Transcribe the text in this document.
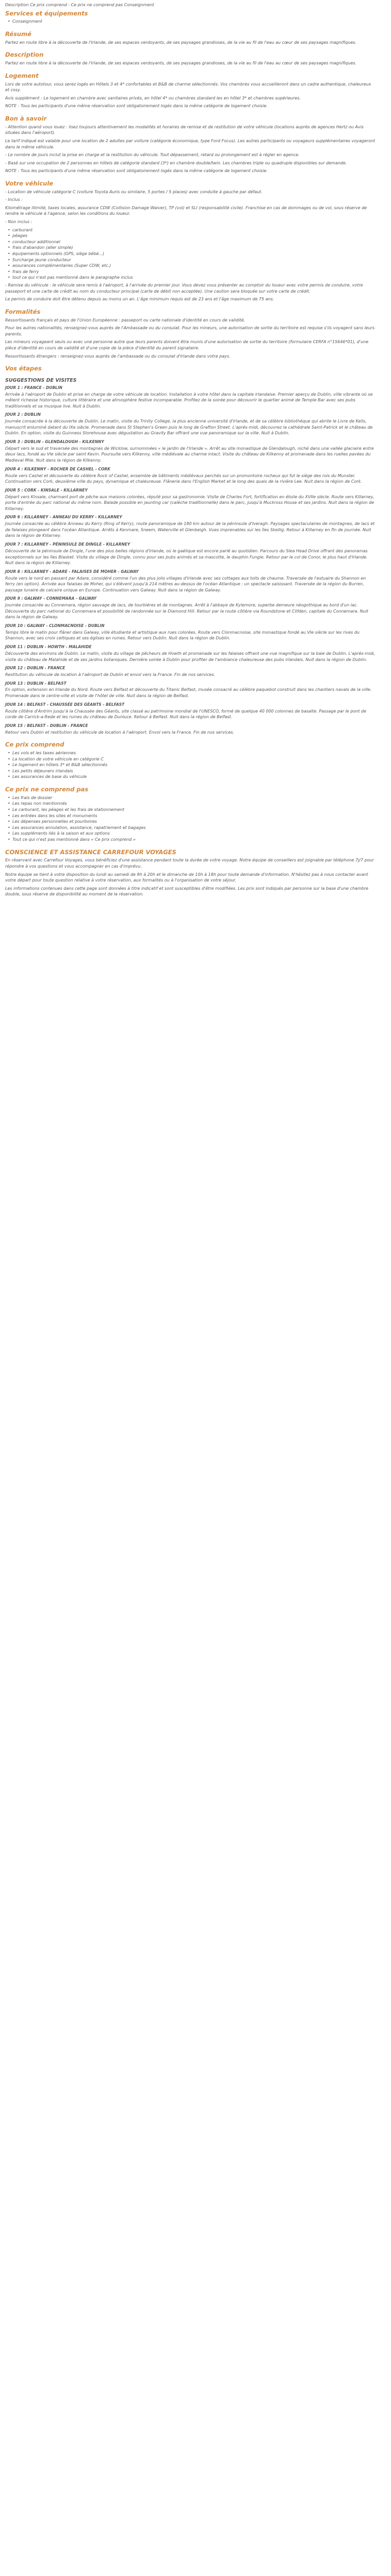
Description Ce prix comprend - Ce prix ne comprend pas Conseignment

Services et équipements
• Conseignment
Résumé

Partez en route libre à la découverte de l'Irlande, de ses espaces verdoyants, de ses paysages grandioses, de la vie au fil de l'eau au cœur de ses paysages magnifiques.

Description

Partez en route libre à la découverte de l'Irlande, de ses espaces verdoyants, de ses paysages grandioses, de la vie au fil de l'eau au cœur de ses paysages magnifiques.

Logement

Lors de votre autotour, vous serez logés en Hôtels 3 et 4* confortables et B&B de charme sélectionnés. Vos chambres vous accueilleront dans un cadre authentique, chaleureux et cosy.

Avis supplément : Le logement en chambre avec sanitaires privés, en hôtel 4* ou chambres standard les en hôtel 3* et chambres supérieures.

NOTE : Tous les participants d'une même réservation sont obligatoirement logés dans la même catégorie de logement choisie.

Bon à savoir

- Attention quand vous louez : lisez toujours attentivement les modalités et horaires de remise et de restitution de votre véhicule (locations auprès de agences Hertz ou Avis situées dans l'aéroport).

Le tarif indiqué est valable pour une location de 2 adultes par voiture (catégorie économique, type Ford Focus). Les autres participants ou voyageurs supplémentaires voyageront dans le même véhicule.

- Le nombre de jours inclut la prise en charge et la restitution du véhicule. Tout dépassement, retard ou prolongement est à régler en agence.

- Basé sur une occupation de 2 personnes en hôtels de catégorie standard (3*) en chambre double/twin. Les chambres triple ou quadruple disponibles sur demande.

NOTE : Tous les participants d'une même réservation sont obligatoirement logés dans la même catégorie de logement choisie.

Votre véhicule

- Location de véhicule catégorie C (voiture Toyota Auris ou similaire, 5 portes / 5 places) avec conduite à gauche par défaut.

- Inclus :

Kilométrage illimité, taxes locales, assurance CDW (Collision Damage Waiver), TP (vol) et SLI (responsabilité civile). Franchise en cas de dommages ou de vol, sous réserve de rendre le véhicule à l'agence, selon les conditions du loueur.

- Non inclus :

• carburant
• péages
• conducteur additionnel
• frais d'abandon (aller simple)
• équipements optionnels (GPS, siège bébé...)
• Surcharge jeune conducteur
• assurances complémentaires (Super CDW, etc.)
• frais de ferry
• tout ce qui n'est pas mentionné dans le paragraphe inclus

- Remise du véhicule : le véhicule sera remis à l'aéroport, à l'arrivée du premier jour. Vous devez vous présenter au comptoir du loueur avec votre permis de conduire, votre passeport et une carte de crédit au nom du conducteur principal (carte de débit non acceptée). Une caution sera bloquée sur votre carte de crédit.

Le permis de conduire doit être détenu depuis au moins un an. L'âge minimum requis est de 23 ans et l'âge maximum de 75 ans.

Formalités

Ressortissants français et pays de l'Union Européenne : passeport ou carte nationale d'identité en cours de validité.

Pour les autres nationalités, renseignez-vous auprès de l'Ambassade ou du consulat. Pour les mineurs, une autorisation de sortie du territoire est requise s'ils voyagent sans leurs parents.

Les mineurs voyageant seuls ou avec une personne autre que leurs parents doivent être munis d'une autorisation de sortie du territoire (formulaire CERFA n°15646*01), d'une pièce d'identité en cours de validité et d'une copie de la pièce d'identité du parent signataire.

Ressortissants étrangers : renseignez-vous auprès de l'ambassade ou du consulat d'Irlande dans votre pays.

Vos étapes

SUGGESTIONS DE VISITES

JOUR 1 : FRANCE - DUBLIN

Arrivée à l'aéroport de Dublin et prise en charge de votre véhicule de location. Installation à votre hôtel dans la capitale irlandaise. Premier aperçu de Dublin, ville vibrante où se mêlent richesse historique, culture littéraire et une atmosphère festive incomparable. Profitez de la soirée pour découvrir le quartier animé de Temple Bar avec ses pubs traditionnels et sa musique live. Nuit à Dublin.

JOUR 2 : DUBLIN

Journée consacrée à la découverte de Dublin. Le matin, visite du Trinity College, la plus ancienne université d'Irlande, et de sa célèbre bibliothèque qui abrite le Livre de Kells, manuscrit enluminé datant du IXe siècle. Promenade dans St Stephen's Green puis le long de Grafton Street. L'après-midi, découvrez la cathédrale Saint-Patrick et le château de Dublin. En option, visite du Guinness Storehouse avec dégustation au Gravity Bar offrant une vue panoramique sur la ville. Nuit à Dublin.

JOUR 3 : DUBLIN - GLENDALOUGH - KILKENNY

Départ vers le sud et traversée des montagnes de Wicklow, surnommées « le jardin de l'Irlande ». Arrêt au site monastique de Glendalough, niché dans une vallée glaciaire entre deux lacs, fondé au VIe siècle par saint Kevin. Poursuite vers Kilkenny, ville médiévale au charme intact. Visite du château de Kilkenny et promenade dans les ruelles pavées du Medieval Mile. Nuit dans la région de Kilkenny.

JOUR 4 : KILKENNY - ROCHER DE CASHEL - CORK

Route vers Cashel et découverte du célèbre Rock of Cashel, ensemble de bâtiments médiévaux perchés sur un promontoire rocheux qui fut le siège des rois du Munster. Continuation vers Cork, deuxième ville du pays, dynamique et chaleureuse. Flânerie dans l'English Market et le long des quais de la rivière Lee. Nuit dans la région de Cork.

JOUR 5 : CORK - KINSALE - KILLARNEY

Départ vers Kinsale, charmant port de pêche aux maisons colorées, réputé pour sa gastronomie. Visite de Charles Fort, fortification en étoile du XVIIe siècle. Route vers Killarney, porte d'entrée du parc national du même nom. Balade possible en jaunting car (calèche traditionnelle) dans le parc, jusqu'à Muckross House et ses jardins. Nuit dans la région de Killarney.

JOUR 6 : KILLARNEY - ANNEAU DU KERRY - KILLARNEY

Journée consacrée au célèbre Anneau du Kerry (Ring of Kerry), route panoramique de 180 km autour de la péninsule d'Iveragh. Paysages spectaculaires de montagnes, de lacs et de falaises plongeant dans l'océan Atlantique. Arrêts à Kenmare, Sneem, Waterville et Glenbeigh. Vues imprenables sur les îles Skellig. Retour à Killarney en fin de journée. Nuit dans la région de Killarney.

JOUR 7 : KILLARNEY - PÉNINSULE DE DINGLE - KILLARNEY

Découverte de la péninsule de Dingle, l'une des plus belles régions d'Irlande, où le gaélique est encore parlé au quotidien. Parcours du Slea Head Drive offrant des panoramas exceptionnels sur les îles Blasket. Visite du village de Dingle, connu pour ses pubs animés et sa mascotte, le dauphin Fungie. Retour par le col de Conor, le plus haut d'Irlande. Nuit dans la région de Killarney.

JOUR 8 : KILLARNEY - ADARE - FALAISES DE MOHER - GALWAY

Route vers le nord en passant par Adare, considéré comme l'un des plus jolis villages d'Irlande avec ses cottages aux toits de chaume. Traversée de l'estuaire du Shannon en ferry (en option). Arrivée aux falaises de Moher, qui s'élèvent jusqu'à 214 mètres au-dessus de l'océan Atlantique : un spectacle saisissant. Traversée de la région du Burren, paysage lunaire de calcaire unique en Europe. Continuation vers Galway. Nuit dans la région de Galway.

JOUR 9 : GALWAY - CONNEMARA - GALWAY

Journée consacrée au Connemara, région sauvage de lacs, de tourbières et de montagnes. Arrêt à l'abbaye de Kylemore, superbe demeure néogothique au bord d'un lac. Découverte du parc national du Connemara et possibilité de randonnée sur le Diamond Hill. Retour par la route côtière via Roundstone et Clifden, capitale du Connemara. Nuit dans la région de Galway.

JOUR 10 : GALWAY - CLONMACNOISE - DUBLIN

Temps libre le matin pour flâner dans Galway, ville étudiante et artistique aux rues colorées. Route vers Clonmacnoise, site monastique fondé au VIe siècle sur les rives du Shannon, avec ses croix celtiques et ses églises en ruines. Retour vers Dublin. Nuit dans la région de Dublin.

JOUR 11 : DUBLIN - HOWTH - MALAHIDE

Découverte des environs de Dublin. Le matin, visite du village de pêcheurs de Howth et promenade sur les falaises offrant une vue magnifique sur la baie de Dublin. L'après-midi, visite du château de Malahide et de ses jardins botaniques. Dernière soirée à Dublin pour profiter de l'ambiance chaleureuse des pubs irlandais. Nuit dans la région de Dublin.

JOUR 12 : DUBLIN - FRANCE

Restitution du véhicule de location à l'aéroport de Dublin et envol vers la France. Fin de nos services.

JOUR 13 : DUBLIN - BELFAST

En option, extension en Irlande du Nord. Route vers Belfast et découverte du Titanic Belfast, musée consacré au célèbre paquebot construit dans les chantiers navals de la ville. Promenade dans le centre-ville et visite de l'hôtel de ville. Nuit dans la région de Belfast.

JOUR 14 : BELFAST - CHAUSSÉE DES GÉANTS - BELFAST

Route côtière d'Antrim jusqu'à la Chaussée des Géants, site classé au patrimoine mondial de l'UNESCO, formé de quelque 40 000 colonnes de basalte. Passage par le pont de corde de Carrick-a-Rede et les ruines du château de Dunluce. Retour à Belfast. Nuit dans la région de Belfast.

JOUR 15 : BELFAST - DUBLIN - FRANCE

Retour vers Dublin et restitution du véhicule de location à l'aéroport. Envol vers la France. Fin de nos services.

Ce prix comprend
• Les vols et les taxes aériennes
• La location de votre véhicule en catégorie C
• Le logement en hôtels 3* et B&B sélectionnés
• Les petits déjeuners irlandais
• Les assurances de base du véhicule
Ce prix ne comprend pas
• Les frais de dossier
• Les repas non mentionnés
• Le carburant, les péages et les frais de stationnement
• Les entrées dans les sites et monuments
• Les dépenses personnelles et pourboires
• Les assurances annulation, assistance, rapatriement et bagages
• Les suppléments liés à la saison et aux options
• Tout ce qui n'est pas mentionné dans « Ce prix comprend »
CONSCIENCE ET ASSISTANCE CARREFOUR VOYAGES

En réservant avec Carrefour Voyages, vous bénéficiez d'une assistance pendant toute la durée de votre voyage. Notre équipe de conseillers est joignable par téléphone 7j/7 pour répondre à vos questions et vous accompagner en cas d'imprévu.

Notre équipe se tient à votre disposition du lundi au samedi de 9h à 20h et le dimanche de 10h à 18h pour toute demande d'information. N'hésitez pas à nous contacter avant votre départ pour toute question relative à votre réservation, aux formalités ou à l'organisation de votre séjour.

Les informations contenues dans cette page sont données à titre indicatif et sont susceptibles d'être modifiées. Les prix sont indiqués par personne sur la base d'une chambre double, sous réserve de disponibilité au moment de la réservation.
